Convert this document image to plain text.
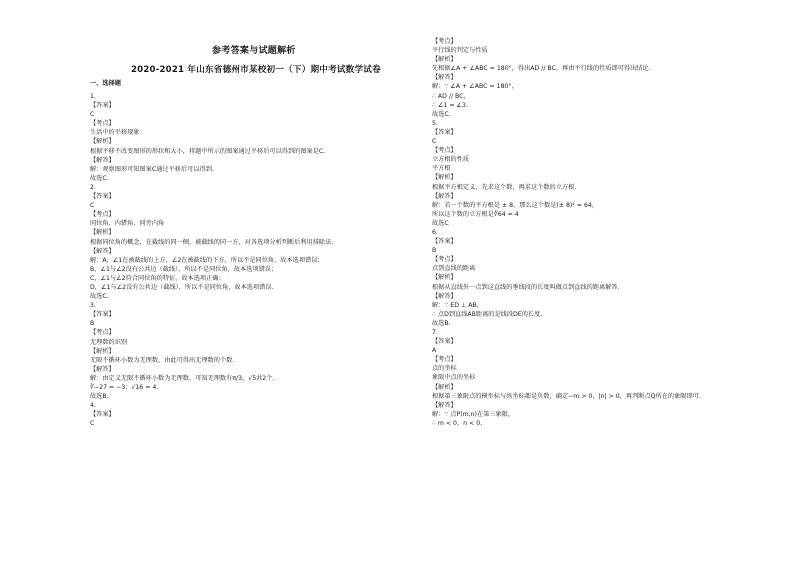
参考答案与试题解析
2020-2021 年山东省德州市某校初一（下）期中考试数学试卷
一、选择题
1.
【答案】
C
【考点】
生活中的平移现象
【解析】
根据平移不改变图形的形状和大小，将题中所示的图案通过平移后可以得到的图案是C.
【解答】
解：观察图形可知图案C通过平移后可以得到.
故选C.
2.
【答案】
C
【考点】
同位角、内错角、同旁内角
【解析】
根据同位角的概念，在截线的同一侧，被截线的同一方，对各选项分析判断后利用排除法.
【解答】
解：A，∠1在被截线的上方，∠2在被截线的下方，所以不是同位角，故本选项错误；
B，∠1与∠2没有公共边（截线），所以不是同位角，故本选项错误；
C，∠1与∠2符合同位角的特征，故本选项正确；
D，∠1与∠2没有公共边（截线），所以不是同位角，故本选项错误.
故选C.
3.
【答案】
B
【考点】
无理数的识别
【解析】
无限不循环小数为无理数，由此可得出无理数的个数.
【解答】
解：由定义无限不循环小数为无理数，可知无理数有π/3，√5共2个.
∛−27 = −3；√16 = 4.
故选B.
4.
【答案】
C
【考点】
平行线的判定与性质
【解析】
先根据∠A + ∠ABC = 180°，得出AD // BC，再由平行线的性质即可得出结论.
【解答】
解：∵ ∠A + ∠ABC = 180°，
∴ AD // BC，
∴ ∠1 = ∠3.
故选C.
5.
【答案】
C
【考点】
立方根的性质
平方根
【解析】
根据平方根定义，先求这个数，再求这个数的立方根.
【解答】
解：若一个数的平方根是 ± 8，那么这个数是(± 8)² = 64，
所以这个数的立方根是∛64 = 4
故选C
6.
【答案】
B
【考点】
点到直线的距离
【解析】
根据从直线外一点到这直线的垂线段的长度叫做点到直线的距离解答.
【解答】
解：∵ ED ⊥ AB，
∴ 点D到直线AB距离的是线段DE的长度.
故选B.
7.
【答案】
A
【考点】
点的坐标
象限中点的坐标
【解析】
根据第三象限点的横坐标与纵坐标都是负数，确定−m > 0，|n| > 0，再判断点Q所在的象限即可.
【解答】
解：∵ 点P(m,n)在第三象限，
∴ m < 0，n < 0，
